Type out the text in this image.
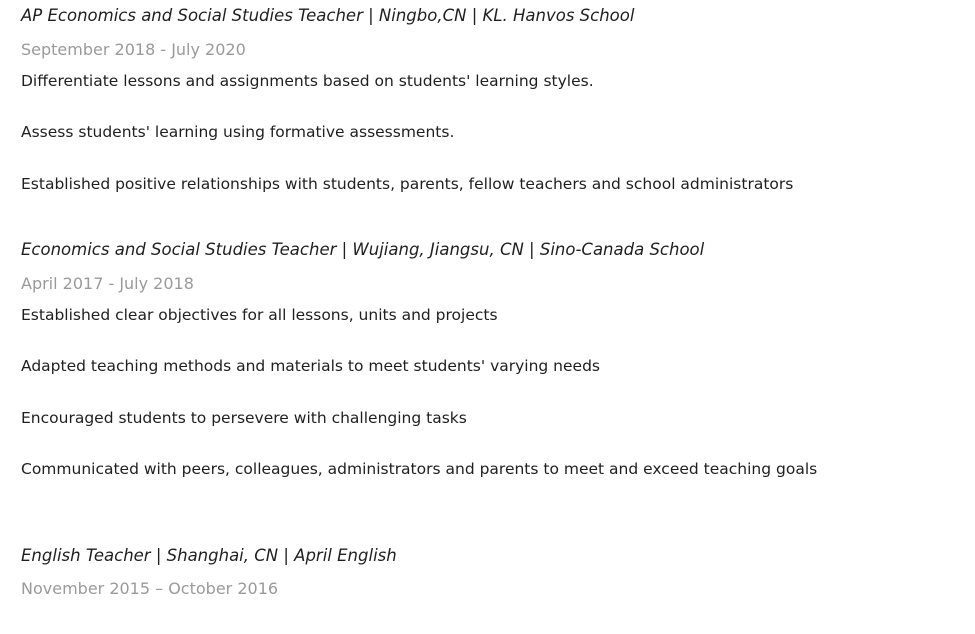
AP Economics and Social Studies Teacher | Ningbo,CN | KL. Hanvos School
September 2018 - July 2020
Differentiate lessons and assignments based on students' learning styles.
Assess students' learning using formative assessments.
Established positive relationships with students, parents, fellow teachers and school administrators
Economics and Social Studies Teacher | Wujiang, Jiangsu, CN | Sino-Canada School
April 2017 - July 2018
Established clear objectives for all lessons, units and projects
Adapted teaching methods and materials to meet students' varying needs
Encouraged students to persevere with challenging tasks
Communicated with peers, colleagues, administrators and parents to meet and exceed teaching goals
English Teacher | Shanghai, CN | April English
November 2015 – October 2016
